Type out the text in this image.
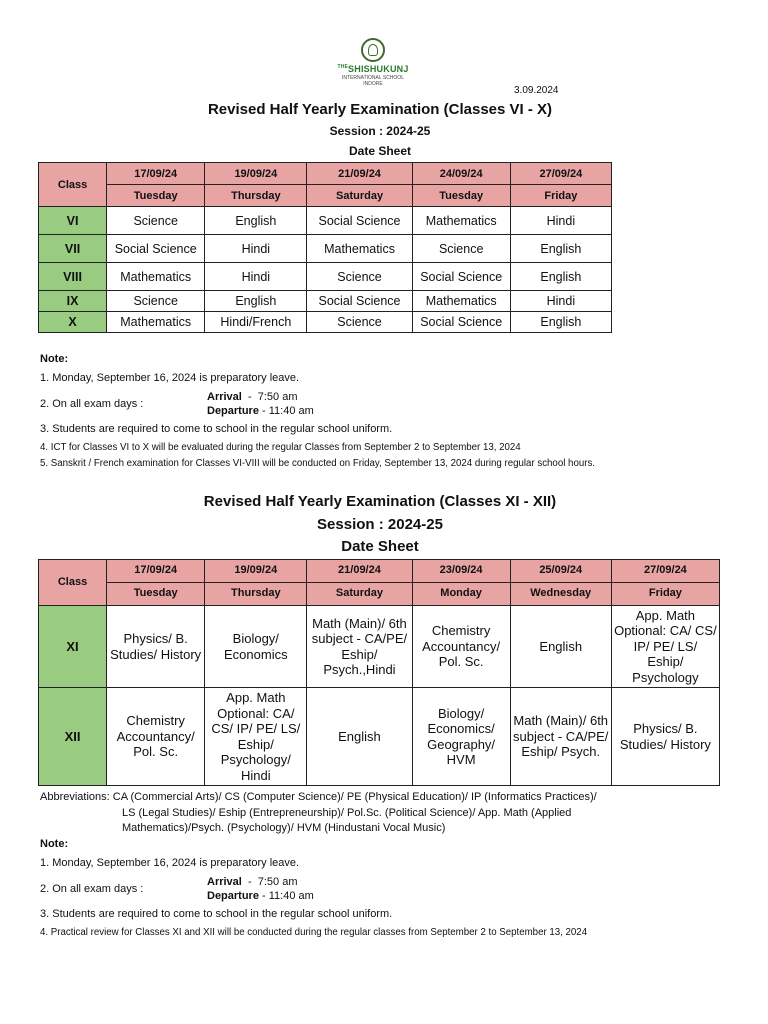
$^{THE}$SHISHUKUNJ
INTERNATIONAL SCHOOL
INDORE
3.09.2024
Revised Half Yearly Examination (Classes VI - X)
Session : 2024-25
Date Sheet
Class	17/09/24	19/09/24	21/09/24	24/09/24	27/09/24
	Tuesday	Thursday	Saturday	Tuesday	Friday
VI	Science	English	Social Science	Mathematics	Hindi
VII	Social Science	Hindi	Mathematics	Science	English
VIII	Mathematics	Hindi	Science	Social Science	English
IX	Science	English	Social Science	Mathematics	Hindi
X	Mathematics	Hindi/French	Science	Social Science	English
Note:
1. Monday, September 16, 2024 is preparatory leave.
2. On all exam days :
Arrival  -  7:50 am
Departure - 11:40 am
3. Students are required to come to school in the regular school uniform.
4. ICT for Classes VI to X will be evaluated during the regular Classes from September 2 to September 13, 2024
5. Sanskrit / French examination for Classes VI-VIII will be conducted on Friday, September 13, 2024 during regular school hours.
Revised Half Yearly Examination (Classes XI - XII)
Session : 2024-25
Date Sheet
Class	17/09/24	19/09/24	21/09/24	23/09/24	25/09/24	27/09/24
	Tuesday	Thursday	Saturday	Monday	Wednesday	Friday
XI	Physics/ B. Studies/ History	Biology/ Economics	Math (Main)/ 6th subject - CA/PE/ Eship/ Psych.,Hindi	Chemistry Accountancy/ Pol. Sc.	English	App. Math Optional: CA/ CS/ IP/ PE/ LS/ Eship/ Psychology
XII	Chemistry Accountancy/ Pol. Sc.	App. Math Optional: CA/ CS/ IP/ PE/ LS/ Eship/ Psychology/ Hindi	English	Biology/ Economics/ Geography/ HVM	Math (Main)/ 6th subject - CA/PE/ Eship/ Psych.	Physics/ B. Studies/ History
Abbreviations: CA (Commercial Arts)/ CS (Computer Science)/ PE (Physical Education)/ IP (Informatics Practices)/
LS (Legal Studies)/ Eship (Entrepreneurship)/ Pol.Sc. (Political Science)/ App. Math (Applied
Mathematics)/Psych. (Psychology)/ HVM (Hindustani Vocal Music)
Note:
1. Monday, September 16, 2024 is preparatory leave.
2. On all exam days :
Arrival  -  7:50 am
Departure - 11:40 am
3. Students are required to come to school in the regular school uniform.
4. Practical review for Classes XI and XII will be conducted during the regular classes from September 2 to September 13, 2024
